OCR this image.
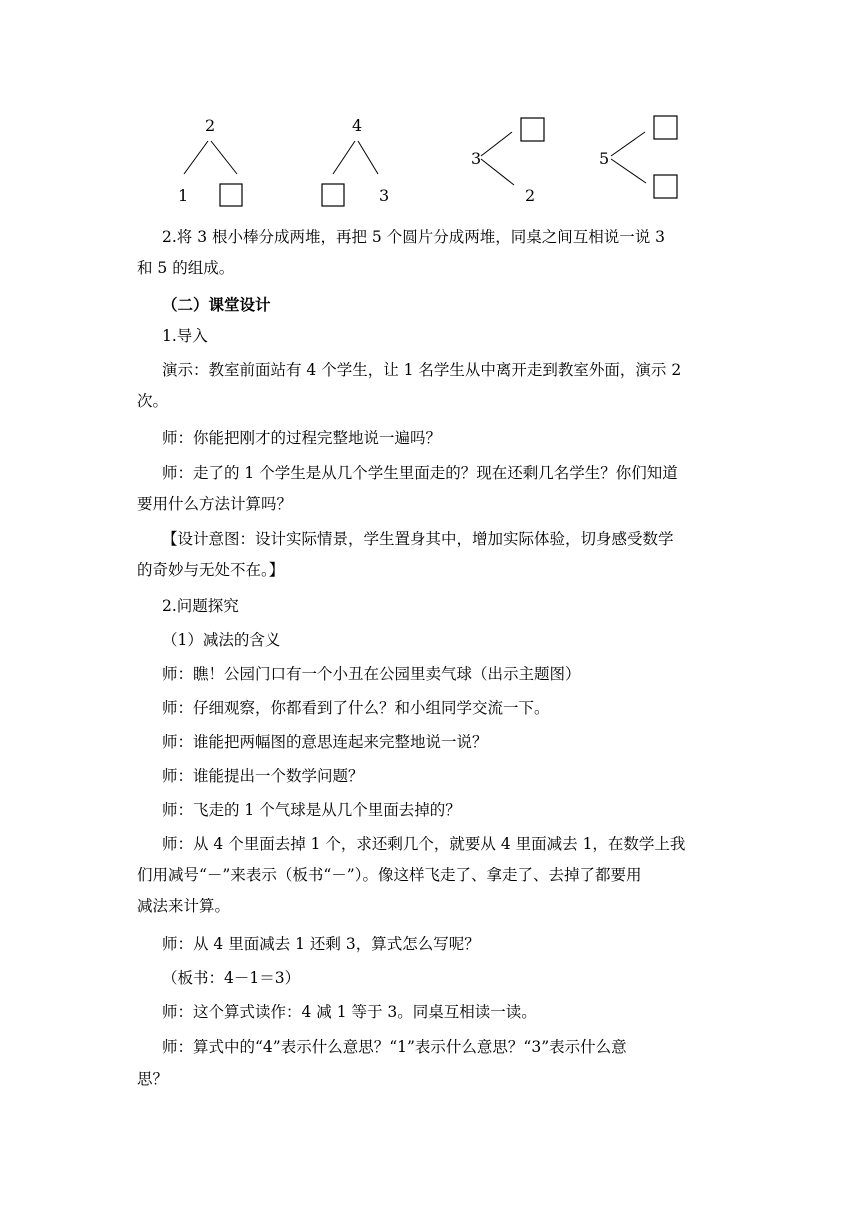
2
1
4
3
3
2
5
2.将 3 根小棒分成两堆，再把 5 个圆片分成两堆，同桌之间互相说一说 3
和 5 的组成。
（二）课堂设计
1.导入
演示：教室前面站有 4 个学生，让 1 名学生从中离开走到教室外面，演示 2
次。
师：你能把刚才的过程完整地说一遍吗？
师：走了的 1 个学生是从几个学生里面走的？现在还剩几名学生？你们知道
要用什么方法计算吗？
【设计意图：设计实际情景，学生置身其中，增加实际体验，切身感受数学
的奇妙与无处不在。】
2.问题探究
（1）减法的含义
师：瞧！公园门口有一个小丑在公园里卖气球（出示主题图）
师：仔细观察，你都看到了什么？和小组同学交流一下。
师：谁能把两幅图的意思连起来完整地说一说？
师：谁能提出一个数学问题？
师：飞走的 1 个气球是从几个里面去掉的？
师：从 4 个里面去掉 1 个，求还剩几个，就要从 4 里面减去 1，在数学上我
们用减号“－”来表示（板书“－”）。像这样飞走了、拿走了、去掉了都要用
减法来计算。
师：从 4 里面减去 1 还剩 3，算式怎么写呢？
（板书：4－1＝3）
师：这个算式读作：4 减 1 等于 3。同桌互相读一读。
师：算式中的“4”表示什么意思？“1”表示什么意思？“3”表示什么意
思？
